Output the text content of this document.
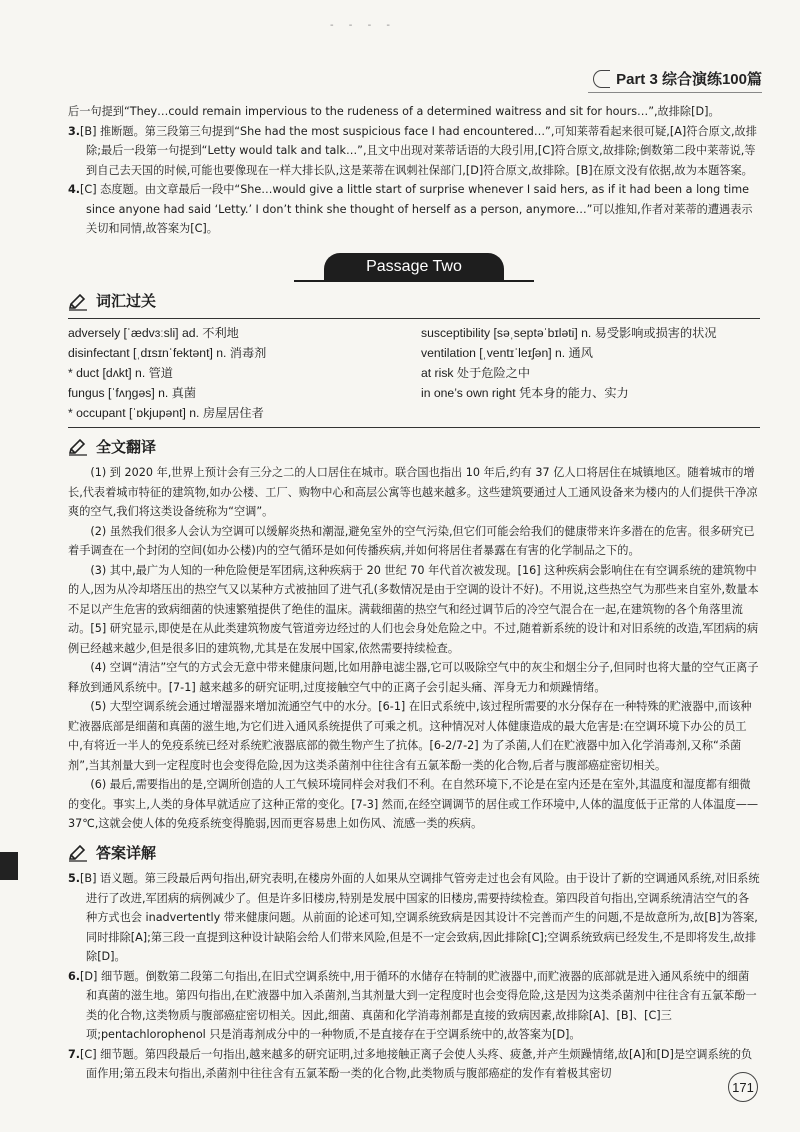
- - - -
Part 3 综合演练100篇

后一句提到“They…could remain impervious to the rudeness of a determined waitress and sit for hours…”,故排除[D]。

3.[B] 推断题。第三段第三句提到“She had the most suspicious face I had encountered…”,可知莱蒂看起来很可疑,[A]符合原文,故排除;最后一段第一句提到“Letty would talk and talk…”,且文中出现对莱蒂话语的大段引用,[C]符合原文,故排除;倒数第二段中莱蒂说,等到自己去天国的时候,可能也要像现在一样大排长队,这是莱蒂在讽刺社保部门,[D]符合原文,故排除。[B]在原文没有依据,故为本题答案。

4.[C] 态度题。由文章最后一段中“She…would give a little start of surprise whenever I said hers, as if it had been a long time since anyone had said ‘Letty.’ I don’t think she thought of herself as a person, anymore…”可以推知,作者对莱蒂的遭遇表示关切和同情,故答案为[C]。

Passage Two
词汇过关
adversely [ˈædvɜːsli] ad. 不利地
disinfectant [ˌdɪsɪnˈfektənt] n. 消毒剂
* duct [dʌkt] n. 管道
fungus [ˈfʌŋɡəs] n. 真菌
* occupant [ˈɒkjupənt] n. 房屋居住者
susceptibility [səˌseptəˈbɪləti] n. 易受影响或损害的状况
ventilation [ˌventɪˈleɪʃən] n. 通风
at risk 处于危险之中
in one’s own right 凭本身的能力、实力
全文翻译

(1) 到 2020 年,世界上预计会有三分之二的人口居住在城市。联合国也指出 10 年后,约有 37 亿人口将居住在城镇地区。随着城市的增长,代表着城市特征的建筑物,如办公楼、工厂、购物中心和高层公寓等也越来越多。这些建筑要通过人工通风设备来为楼内的人们提供干净凉爽的空气,我们将这类设备统称为“空调”。

(2) 虽然我们很多人会认为空调可以缓解炎热和潮湿,避免室外的空气污染,但它们可能会给我们的健康带来许多潜在的危害。很多研究已着手调查在一个封闭的空间(如办公楼)内的空气循环是如何传播疾病,并如何将居住者暴露在有害的化学制品之下的。

(3) 其中,最广为人知的一种危险便是军团病,这种疾病于 20 世纪 70 年代首次被发现。[16] 这种疾病会影响住在有空调系统的建筑物中的人,因为从冷却塔压出的热空气又以某种方式被抽回了进气孔(多数情况是由于空调的设计不好)。不用说,这些热空气为那些来自室外,数量本不足以产生危害的致病细菌的快速繁殖提供了绝佳的温床。满载细菌的热空气和经过调节后的冷空气混合在一起,在建筑物的各个角落里流动。[5] 研究显示,即使是在从此类建筑物废气管道旁边经过的人们也会身处危险之中。不过,随着新系统的设计和对旧系统的改造,军团病的病例已经越来越少,但是很多旧的建筑物,尤其是在发展中国家,依然需要持续检查。

(4) 空调“清洁”空气的方式会无意中带来健康问题,比如用静电滤尘器,它可以吸除空气中的灰尘和烟尘分子,但同时也将大量的空气正离子释放到通风系统中。[7-1] 越来越多的研究证明,过度接触空气中的正离子会引起头痛、浑身无力和烦躁情绪。

(5) 大型空调系统会通过增湿器来增加流通空气中的水分。[6-1] 在旧式系统中,该过程所需要的水分保存在一种特殊的贮液器中,而该种贮液器底部是细菌和真菌的滋生地,为它们进入通风系统提供了可乘之机。这种情况对人体健康造成的最大危害是:在空调环境下办公的员工中,有将近一半人的免疫系统已经对系统贮液器底部的微生物产生了抗体。[6-2/7-2] 为了杀菌,人们在贮液器中加入化学消毒剂,又称“杀菌剂”,当其剂量大到一定程度时也会变得危险,因为这类杀菌剂中往往含有五氯苯酚一类的化合物,后者与腹部癌症密切相关。

(6) 最后,需要指出的是,空调所创造的人工气候环境同样会对我们不利。在自然环境下,不论是在室内还是在室外,其温度和湿度都有细微的变化。事实上,人类的身体早就适应了这种正常的变化。[7-3] 然而,在经空调调节的居住或工作环境中,人体的温度低于正常的人体温度—— 37℃,这就会使人体的免疫系统变得脆弱,因而更容易患上如伤风、流感一类的疾病。

答案详解

5.[B] 语义题。第三段最后两句指出,研究表明,在楼房外面的人如果从空调排气管旁走过也会有风险。由于设计了新的空调通风系统,对旧系统进行了改进,军团病的病例减少了。但是许多旧楼房,特别是发展中国家的旧楼房,需要持续检查。第四段首句指出,空调系统清洁空气的各种方式也会 inadvertently 带来健康问题。从前面的论述可知,空调系统致病是因其设计不完善而产生的问题,不是故意所为,故[B]为答案,同时排除[A];第三段一直提到这种设计缺陷会给人们带来风险,但是不一定会致病,因此排除[C];空调系统致病已经发生,不是即将发生,故排除[D]。

6.[D] 细节题。倒数第二段第二句指出,在旧式空调系统中,用于循环的水储存在特制的贮液器中,而贮液器的底部就是进入通风系统中的细菌和真菌的滋生地。第四句指出,在贮液器中加入杀菌剂,当其剂量大到一定程度时也会变得危险,这是因为这类杀菌剂中往往含有五氯苯酚一类的化合物,这类物质与腹部癌症密切相关。因此,细菌、真菌和化学消毒剂都是直接的致病因素,故排除[A]、[B]、[C]三项;pentachlorophenol 只是消毒剂成分中的一种物质,不是直接存在于空调系统中的,故答案为[D]。

7.[C] 细节题。第四段最后一句指出,越来越多的研究证明,过多地接触正离子会使人头疼、疲惫,并产生烦躁情绪,故[A]和[D]是空调系统的负面作用;第五段末句指出,杀菌剂中往往含有五氯苯酚一类的化合物,此类物质与腹部癌症的发作有着极其密切

171
